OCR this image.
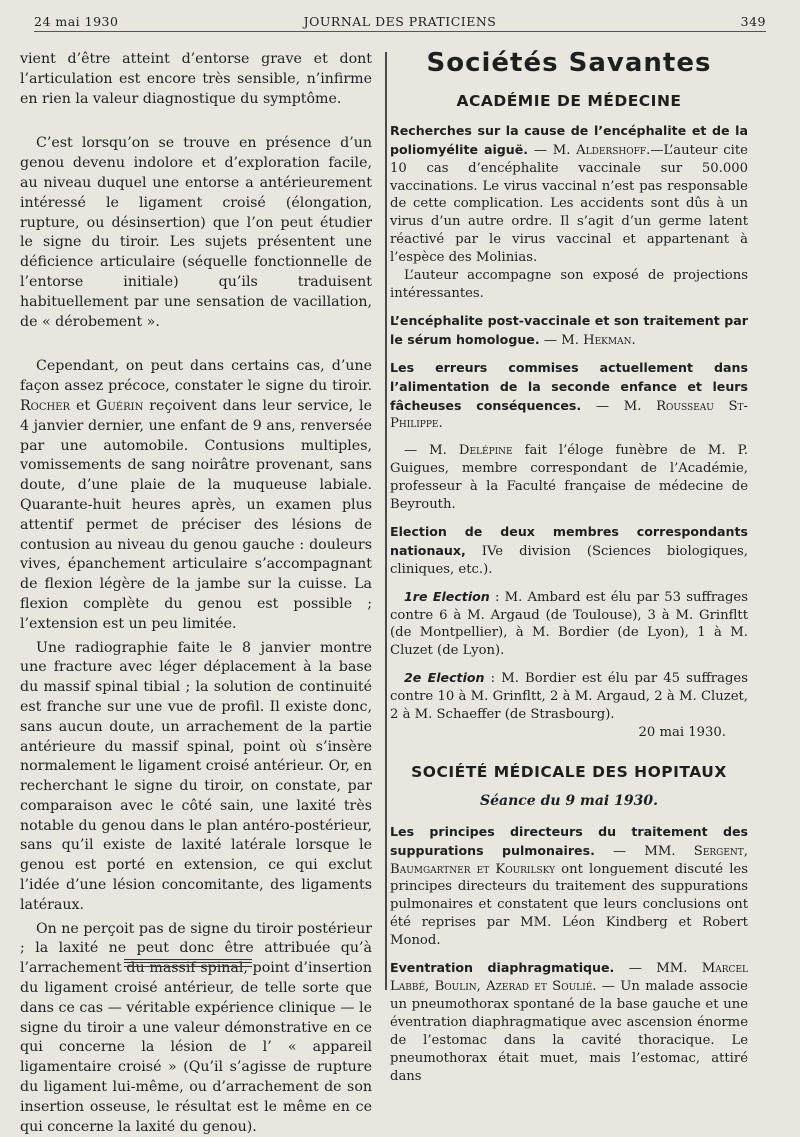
24 mai 1930	JOURNAL DES PRATICIENS	349

vient d’être atteint d’entorse grave et dont l’articulation est encore très sensible, n’infirme en rien la valeur diagnostique du symptôme.

C’est lorsqu’on se trouve en présence d’un genou devenu indolore et d’exploration facile, au niveau duquel une entorse a antérieurement intéressé le ligament croisé (élongation, rupture, ou désinsertion) que l’on peut étudier le signe du tiroir. Les sujets présentent une déficience articulaire (séquelle fonctionnelle de l’entorse initiale) qu’ils traduisent habituellement par une sensation de vacillation, de « dérobement ».

Cependant, on peut dans certains cas, d’une façon assez précoce, constater le signe du tiroir. Rocher et Guérin reçoivent dans leur service, le 4 janvier dernier, une enfant de 9 ans, renversée par une automobile. Contusions multiples, vomissements de sang noirâtre provenant, sans doute, d’une plaie de la muqueuse labiale. Quarante-huit heures après, un examen plus attentif permet de préciser des lésions de contusion au niveau du genou gauche : douleurs vives, épanchement articulaire s’accompagnant de flexion légère de la jambe sur la cuisse. La flexion complète du genou est possible ; l’extension est un peu limitée.

Une radiographie faite le 8 janvier montre une fracture avec léger déplacement à la base du massif spinal tibial ; la solution de continuité est franche sur une vue de profil. Il existe donc, sans aucun doute, un arrachement de la partie antérieure du massif spinal, point où s’insère normalement le ligament croisé antérieur. Or, en recherchant le signe du tiroir, on constate, par comparaison avec le côté sain, une laxité très notable du genou dans le plan antéro-postérieur, sans qu’il existe de laxité latérale lorsque le genou est porté en extension, ce qui exclut l’idée d’une lésion concomitante, des ligaments latéraux.

On ne perçoit pas de signe du tiroir postérieur ; la laxité ne peut donc être attribuée qu’à l’arrachement du massif spinal, point d’insertion du ligament croisé antérieur, de telle sorte que dans ce cas — véritable expérience clinique — le signe du tiroir a une valeur démonstrative en ce qui concerne la lésion de l’ « appareil ligamentaire croisé » (Qu’il s’agisse de rupture du ligament lui-même, ou d’arrachement de son insertion osseuse, le résultat est le même en ce qui concerne la laxité du genou).

Sociétés Savantes
ACADÉMIE DE MÉDECINE

Recherches sur la cause de l’encéphalite et de la poliomyélite aiguë. — M. Aldershoff.—L’auteur cite 10 cas d’encéphalite vaccinale sur 50.000 vaccinations. Le virus vaccinal n’est pas responsable de cette complication. Les accidents sont dûs à un virus d’un autre ordre. Il s’agit d’un germe latent réactivé par le virus vaccinal et appartenant à l’espèce des Molinias.

L’auteur accompagne son exposé de projections intéressantes.

L’encéphalite post-vaccinale et son traitement par le sérum homologue. — M. Hekman.

Les erreurs commises actuellement dans l’alimentation de la seconde enfance et leurs fâcheuses conséquences. — M. Rousseau St-Philippe.

— M. Delépine fait l’éloge funèbre de M. P. Guigues, membre correspondant de l’Académie, professeur à la Faculté française de médecine de Beyrouth.

Election de deux membres correspondants nationaux, IVe division (Sciences biologiques, cliniques, etc.).

1re Election : M. Ambard est élu par 53 suffrages contre 6 à M. Argaud (de Toulouse), 3 à M. Grinfltt (de Montpellier), à M. Bordier (de Lyon), 1 à M. Cluzet (de Lyon).

2e Election : M. Bordier est élu par 45 suffrages contre 10 à M. Grinfltt, 2 à M. Argaud, 2 à M. Cluzet, 2 à M. Schaeffer (de Strasbourg).

20 mai 1930.

SOCIÉTÉ MÉDICALE DES HOPITAUX
Séance du 9 mai 1930.

Les principes directeurs du traitement des suppurations pulmonaires. — MM. Sergent, Baumgartner et Kourilsky ont longuement discuté les principes directeurs du traitement des suppurations pulmonaires et constatent que leurs conclusions ont été reprises par MM. Léon Kindberg et Robert Monod.

Eventration diaphragmatique. — MM. Marcel Labbé, Boulin, Azerad et Soulié. — Un malade associe un pneumothorax spontané de la base gauche et une éventration diaphragmatique avec ascension énorme de l’estomac dans la cavité thoracique. Le pneumothorax était muet, mais l’estomac, attiré dans
